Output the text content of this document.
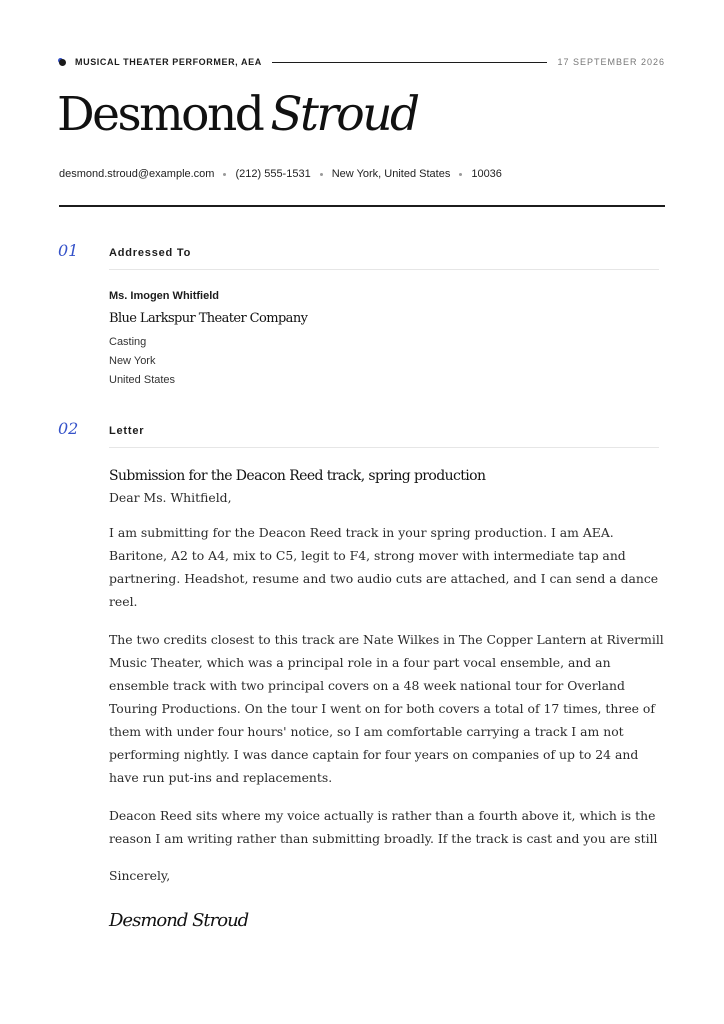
MUSICAL THEATER PERFORMER, AEA	17 SEPTEMBER 2026
Desmond Stroud
desmond.stroud@example.com (212) 555-1531 New York, United States 10036
01	Addressed To
Ms. Imogen Whitfield
Blue Larkspur Theater Company
Casting
New York
United States
02	Letter
Submission for the Deacon Reed track, spring production

Dear Ms. Whitfield,

I am submitting for the Deacon Reed track in your spring production. I am AEA. Baritone, A2 to A4, mix to C5, legit to F4, strong mover with intermediate tap and partnering. Headshot, resume and two audio cuts are attached, and I can send a dance reel.

The two credits closest to this track are Nate Wilkes in The Copper Lantern at Rivermill Music Theater, which was a principal role in a four part vocal ensemble, and an ensemble track with two principal covers on a 48 week national tour for Overland Touring Productions. On the tour I went on for both covers a total of 17 times, three of them with under four hours' notice, so I am comfortable carrying a track I am not performing nightly. I was dance captain for four years on companies of up to 24 and have run put-ins and replacements.

Deacon Reed sits where my voice actually is rather than a fourth above it, which is the reason I am writing rather than submitting broadly. If the track is cast and you are still

Sincerely,

Desmond Stroud
